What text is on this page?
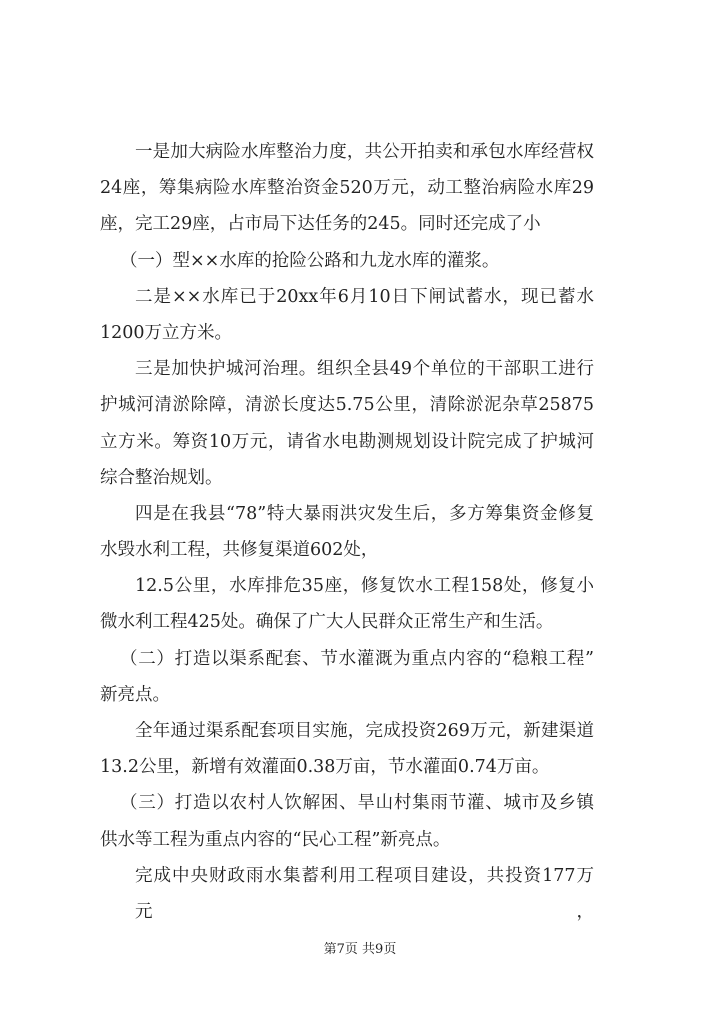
一是加大病险水库整治力度，共公开拍卖和承包水库经营权
24座，筹集病险水库整治资金520万元，动工整治病险水库29
座，完工29座，占市局下达任务的245。同时还完成了小
（一）型××水库的抢险公路和九龙水库的灌浆。
二是××水库已于20xx年6月10日下闸试蓄水，现已蓄水
1200万立方米。
三是加快护城河治理。组织全县49个单位的干部职工进行
护城河清淤除障，清淤长度达5.75公里，清除淤泥杂草25875
立方米。筹资10万元，请省水电勘测规划设计院完成了护城河
综合整治规划。
四是在我县“78”特大暴雨洪灾发生后，多方筹集资金修复
水毁水利工程，共修复渠道602处，
12.5公里，水库排危35座，修复饮水工程158处，修复小
微水利工程425处。确保了广大人民群众正常生产和生活。
（二）打造以渠系配套、节水灌溉为重点内容的“稳粮工程”
新亮点。
全年通过渠系配套项目实施，完成投资269万元，新建渠道
13.2公里，新增有效灌面0.38万亩，节水灌面0.74万亩。
（三）打造以农村人饮解困、旱山村集雨节灌、城市及乡镇
供水等工程为重点内容的“民心工程”新亮点。
完成中央财政雨水集蓄利用工程项目建设，共投资177万元，
第7页 共9页
